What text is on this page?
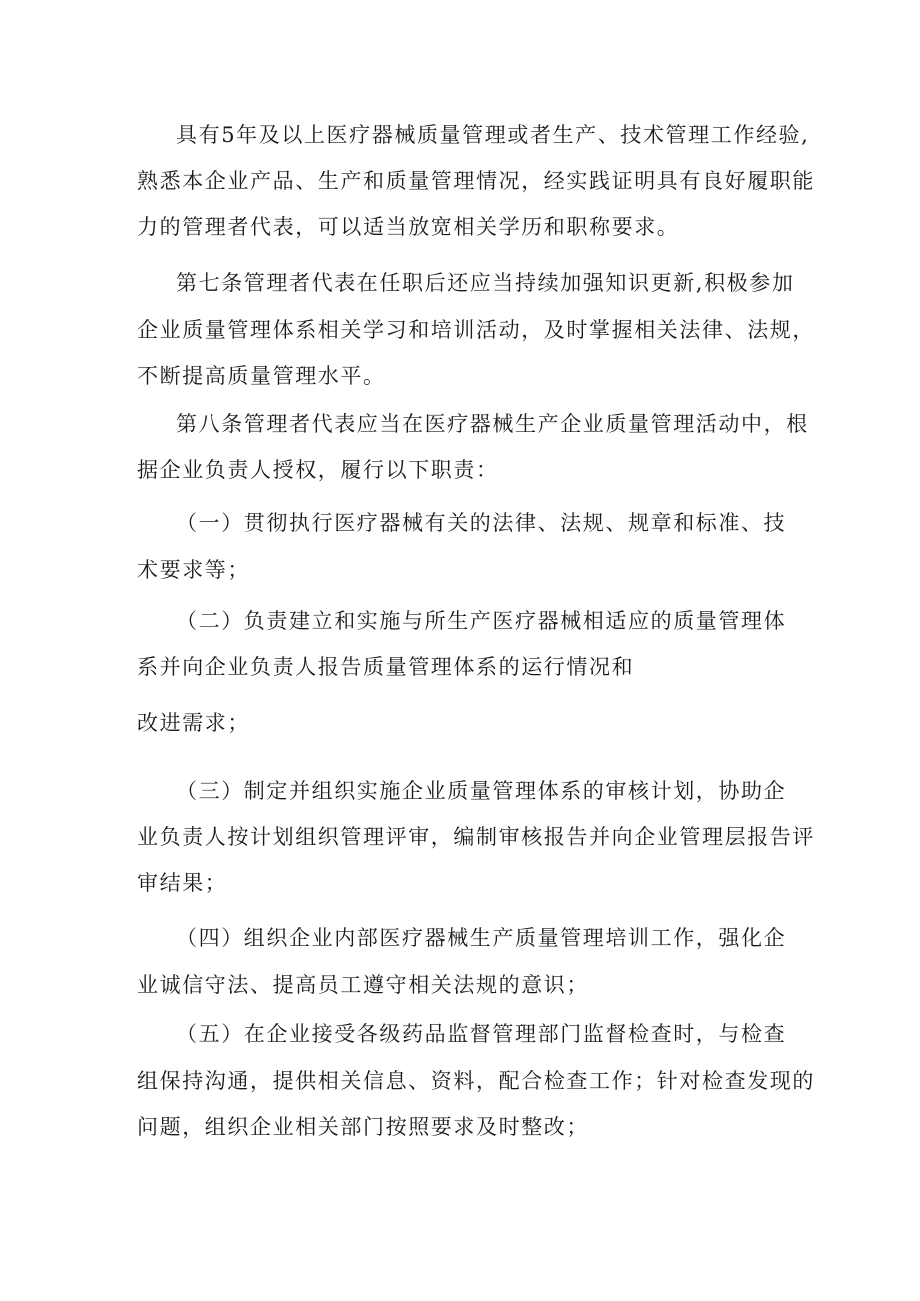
具有5年及以上医疗器械质量管理或者生产、技术管理工作经验,
熟悉本企业产品、生产和质量管理情况，经实践证明具有良好履职能
力的管理者代表，可以适当放宽相关学历和职称要求。
第七条管理者代表在任职后还应当持续加强知识更新,积极参加
企业质量管理体系相关学习和培训活动，及时掌握相关法律、法规，
不断提高质量管理水平。
第八条管理者代表应当在医疗器械生产企业质量管理活动中，根
据企业负责人授权，履行以下职责：
（一）贯彻执行医疗器械有关的法律、法规、规章和标准、技
术要求等；
（二）负责建立和实施与所生产医疗器械相适应的质量管理体
系并向企业负责人报告质量管理体系的运行情况和
改进需求；
（三）制定并组织实施企业质量管理体系的审核计划，协助企
业负责人按计划组织管理评审，编制审核报告并向企业管理层报告评
审结果；
（四）组织企业内部医疗器械生产质量管理培训工作，强化企
业诚信守法、提高员工遵守相关法规的意识；
（五）在企业接受各级药品监督管理部门监督检查时，与检查
组保持沟通，提供相关信息、资料，配合检查工作；针对检查发现的
问题，组织企业相关部门按照要求及时整改；
